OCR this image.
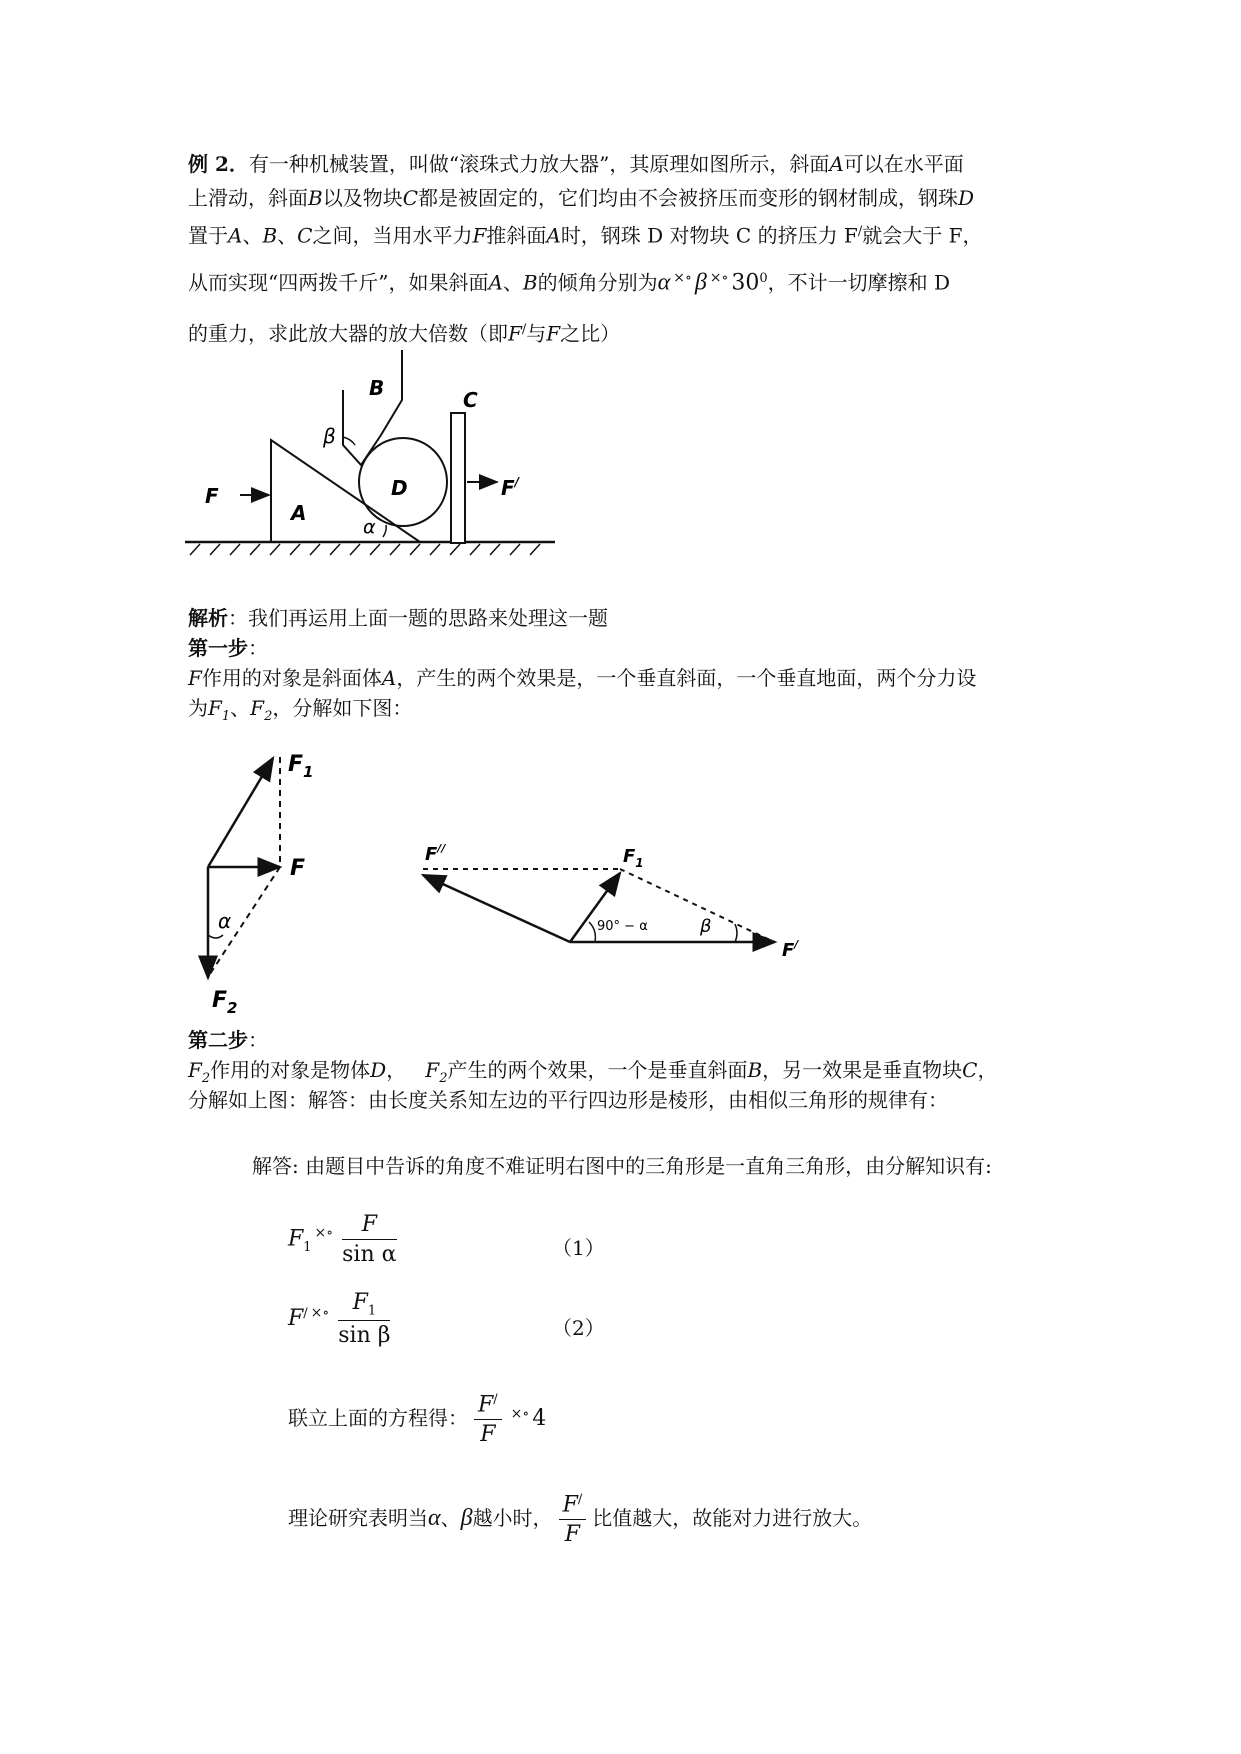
例 2．有一种机械装置，叫做“滚珠式力放大器”，其原理如图所示，斜面A可以在水平面
上滑动，斜面B以及物块C都是被固定的，它们均由不会被挤压而变形的钢材制成，钢珠D
置于A、B、C之间，当用水平力F推斜面A时，钢珠 D 对物块 C 的挤压力 F/就会大于 F，
从而实现“四两拨千斤”，如果斜面A、B的倾角分别为α ×∘ β ×∘ $30^0$，不计一切摩擦和 D
的重力，求此放大器的放大倍数（即F/与F之比）
B
β
C
D
F
A
α
F/
解析：我们再运用上面一题的思路来处理这一题
第一步：
F作用的对象是斜面体A，产生的两个效果是，一个垂直斜面，一个垂直地面，两个分力设
为$F_1$、$F_2$，分解如下图：
$F_1$
F
α
$F_2$
F//	$F_1$
90° − α	β
F/
第二步：
$F_2$作用的对象是物体D， $F_2$产生的两个效果，一个是垂直斜面B，另一效果是垂直物块C，
分解如上图：解答：由长度关系知左边的平行四边形是棱形，由相似三角形的规律有：
解答: 由题目中告诉的角度不难证明右图中的三角形是一直角三角形，由分解知识有:
$F_1^{\times\circ} \frac{F}{\text{sin α}}$	（1）
F/ $^{\times\circ} \frac{F_1}{\text{sin β}}$	（2）
联立上面的方程得： $\frac{F^/}{F} ^{\times\circ}$ 4
理论研究表明当α、β越小时， $\frac{F^/}{F}$ 比值越大，故能对力进行放大。
